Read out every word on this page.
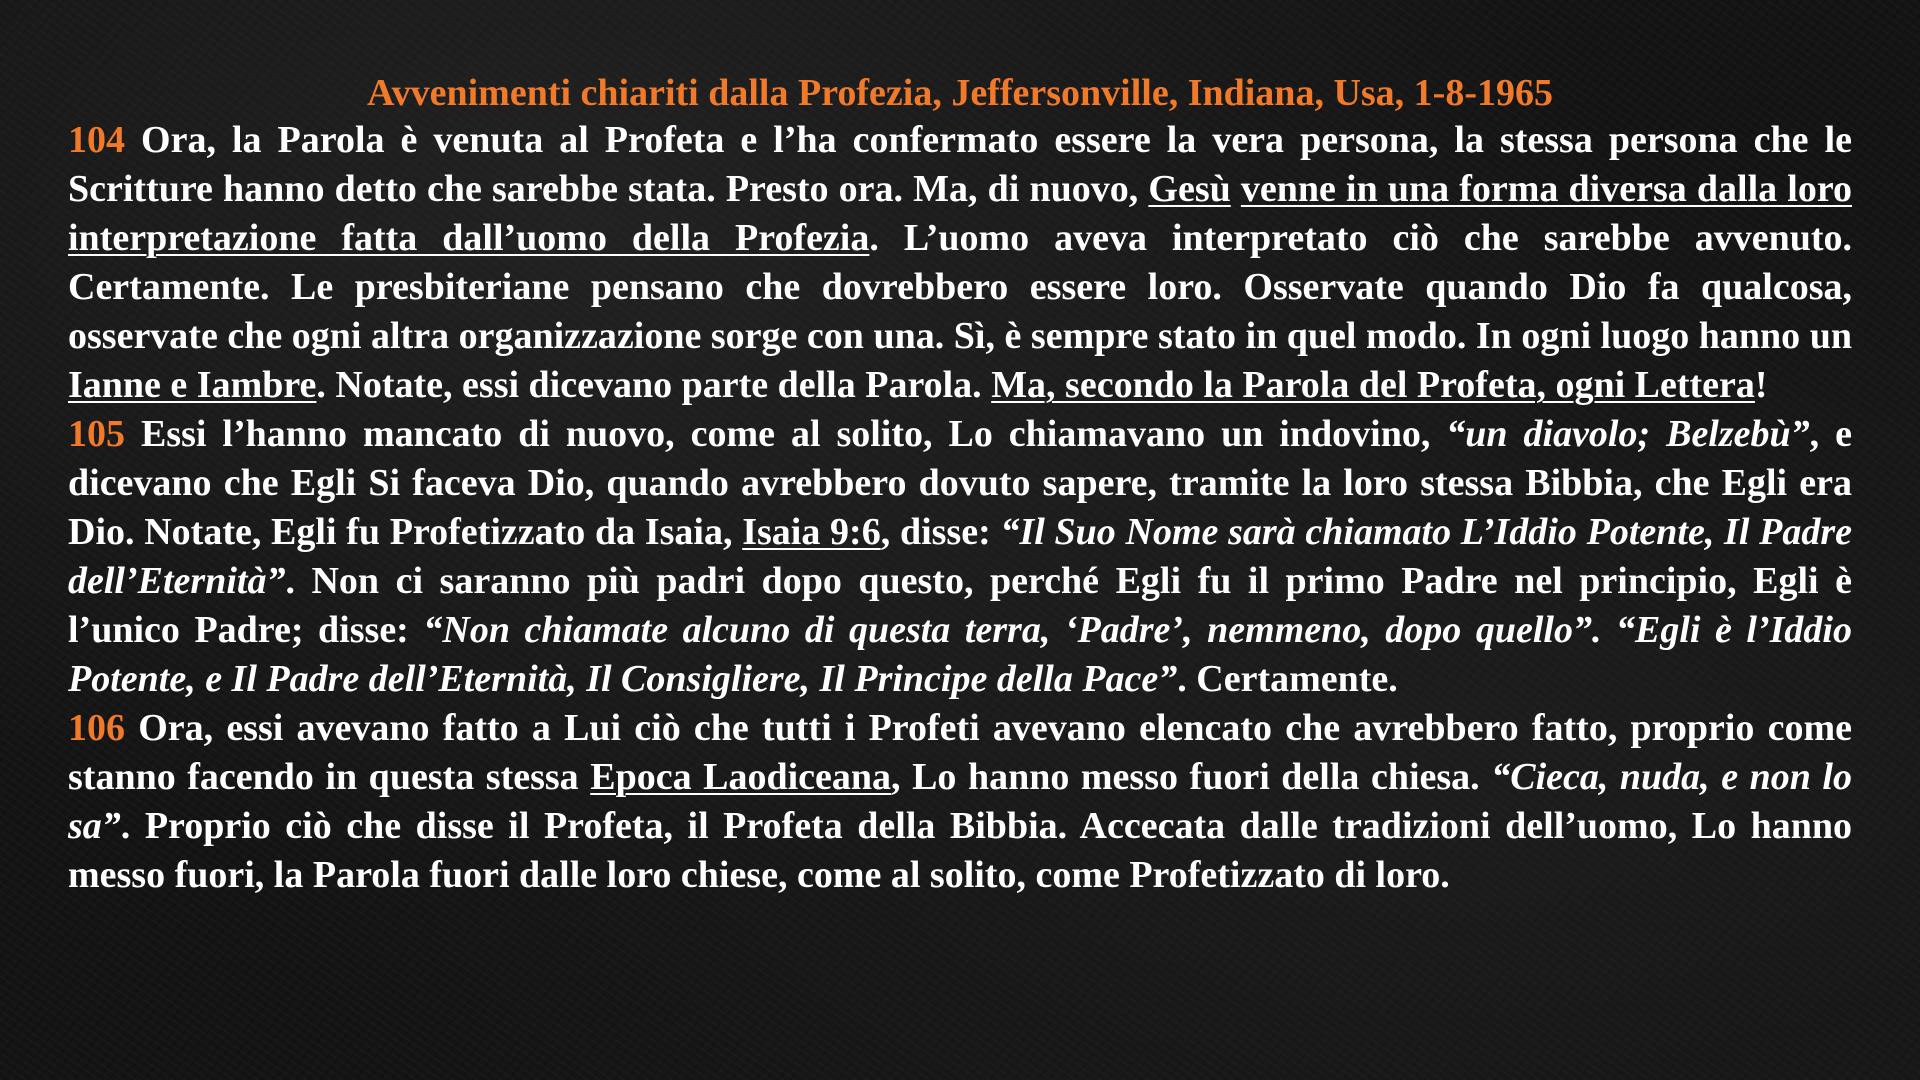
Avvenimenti chiariti dalla Profezia, Jeffersonville, Indiana, Usa, 1-8-1965

104 Ora, la Parola è venuta al Profeta e l’ha confermato essere la vera persona, la stessa persona che le Scritture hanno detto che sarebbe stata. Presto ora. Ma, di nuovo, Gesù venne in una forma diversa dalla loro interpretazione fatta dall’uomo della Profezia. L’uomo aveva interpretato ciò che sarebbe avvenuto. Certamente. Le presbiteriane pensano che dovrebbero essere loro. Osservate quando Dio fa qualcosa, osservate che ogni altra organizzazione sorge con una. Sì, è sempre stato in quel modo. In ogni luogo hanno un Ianne e Iambre. Notate, essi dicevano parte della Parola. Ma, secondo la Parola del Profeta, ogni Lettera!

105 Essi l’hanno mancato di nuovo, come al solito, Lo chiamavano un indovino, “un diavolo; Belzebù”, e dicevano che Egli Si faceva Dio, quando avrebbero dovuto sapere, tramite la loro stessa Bibbia, che Egli era Dio. Notate, Egli fu Profetizzato da Isaia, Isaia 9:6, disse: “Il Suo Nome sarà chiamato L’Iddio Potente, Il Padre dell’Eternità”. Non ci saranno più padri dopo questo, perché Egli fu il primo Padre nel principio, Egli è l’unico Padre; disse: “Non chiamate alcuno di questa terra, ‘Padre’, nemmeno, dopo quello”. “Egli è l’Iddio Potente, e Il Padre dell’Eternità, Il Consigliere, Il Principe della Pace”. Certamente.

106 Ora, essi avevano fatto a Lui ciò che tutti i Profeti avevano elencato che avrebbero fatto, proprio come stanno facendo in questa stessa Epoca Laodiceana, Lo hanno messo fuori della chiesa. “Cieca, nuda, e non lo sa”. Proprio ciò che disse il Profeta, il Profeta della Bibbia. Accecata dalle tradizioni dell’uomo, Lo hanno messo fuori, la Parola fuori dalle loro chiese, come al solito, come Profetizzato di loro.
